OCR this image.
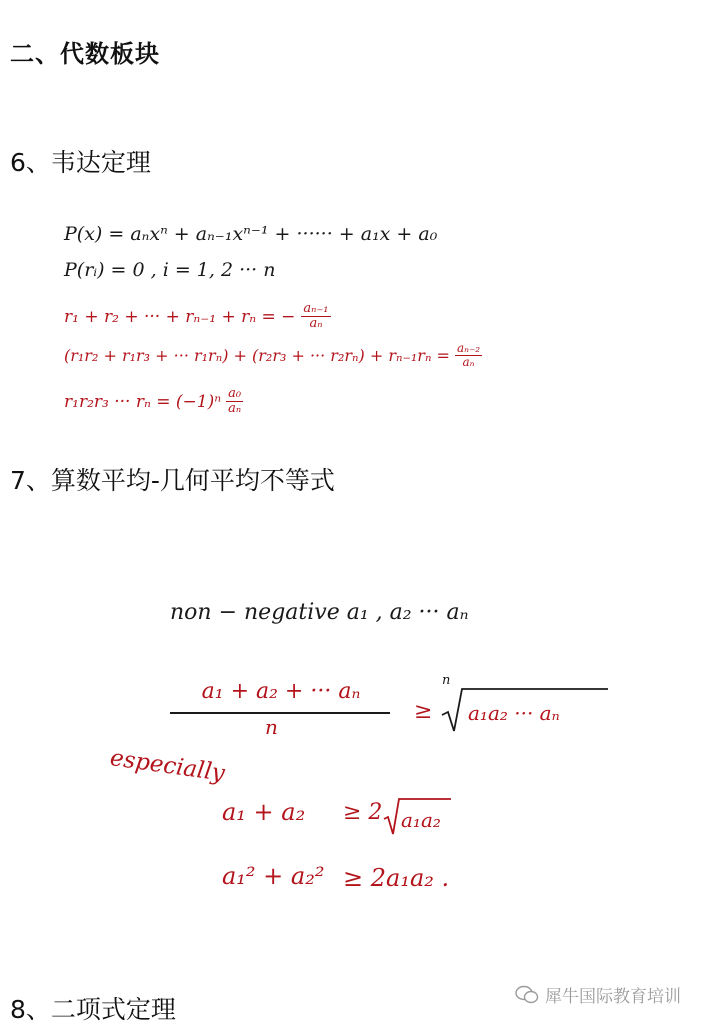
二、代数板块
6、韦达定理
P(x) = aₙxⁿ + aₙ₋₁xⁿ⁻¹ + ······ + a₁x + a₀
P(rᵢ) = 0 , i = 1, 2 ··· n
r₁ + r₂ + ··· + rₙ₋₁ + rₙ = − $\frac{\text{aₙ₋₁}}{\text{aₙ}}$
(r₁r₂ + r₁r₃ + ··· r₁rₙ) + (r₂r₃ + ··· $r_2r_n) + r_{n-1}r_n = \frac{\text{aₙ₋₂}}{\text{aₙ}}$
r₁r₂r₃ ··· $r_n = (-1)^n \frac{\text{a₀}}{\text{aₙ}}$
7、算数平均-几何平均不等式
non − negative a₁ , a₂ ··· aₙ
a₁ + a₂ + ··· aₙ
n
≥
n
a₁a₂ ··· aₙ
especially
a₁ + a₂ ≥ 2 a₁a₂
a₁² + a₂² ≥ 2a₁a₂ .
8、二项式定理	犀牛国际教育培训
